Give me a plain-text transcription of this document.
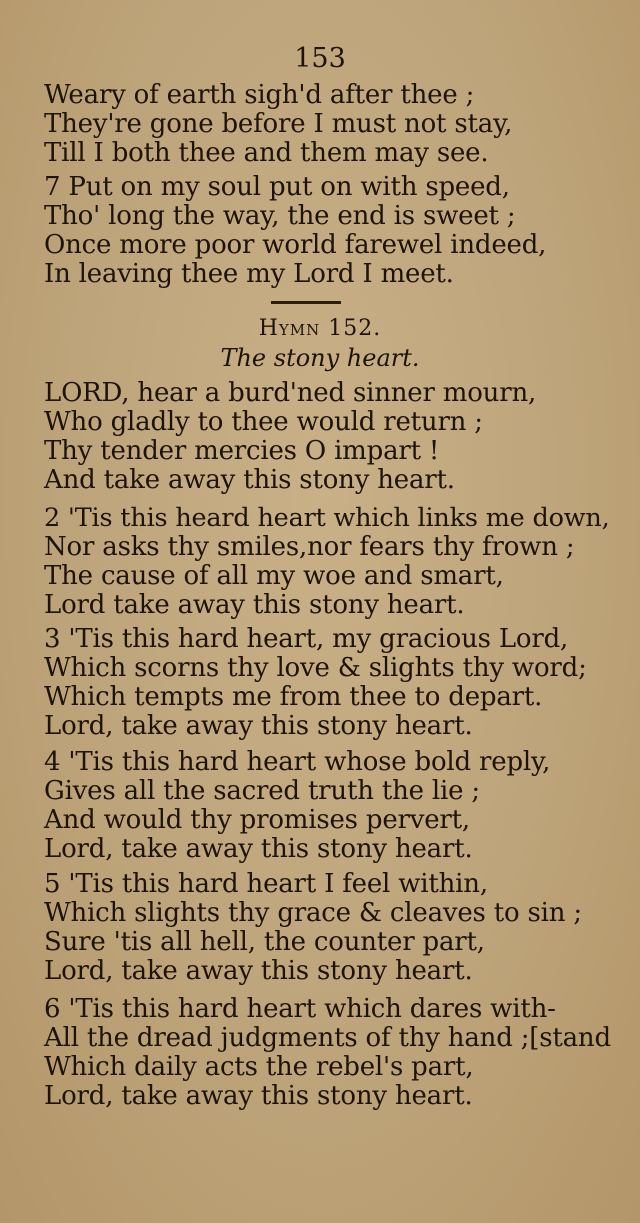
153
Weary of earth sigh'd after thee ;
They're gone before I must not stay,
Till I both thee and them may see.
7 Put on my soul put on with speed,
Tho' long the way, the end is sweet ;
Once more poor world farewel indeed,
In leaving thee my Lord I meet.
Hymn 152.
The stony heart.
LORD, hear a burd'ned sinner mourn,
Who gladly to thee would return ;
Thy tender mercies O impart !
And take away this stony heart.
2 'Tis this heard heart which links me down,
Nor asks thy smiles,nor fears thy frown ;
The cause of all my woe and smart,
Lord take away this stony heart.
3 'Tis this hard heart, my gracious Lord,
Which scorns thy love & slights thy word;
Which tempts me from thee to depart.
Lord, take away this stony heart.
4 'Tis this hard heart whose bold reply,
Gives all the sacred truth the lie ;
And would thy promises pervert,
Lord, take away this stony heart.
5 'Tis this hard heart I feel within,
Which slights thy grace & cleaves to sin ;
Sure 'tis all hell, the counter part,
Lord, take away this stony heart.
6 'Tis this hard heart which dares with-
All the dread judgments of thy hand ;[stand
Which daily acts the rebel's part,
Lord, take away this stony heart.
